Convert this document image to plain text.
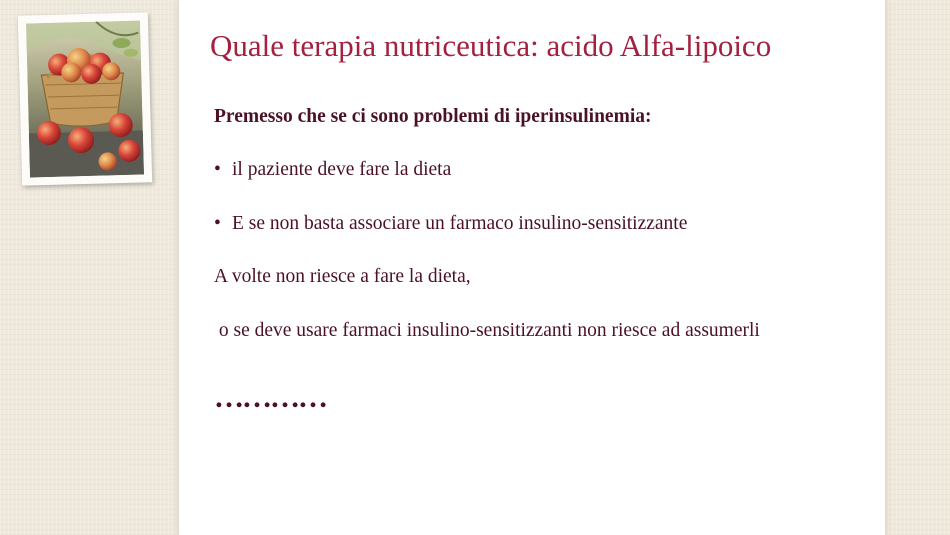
Quale terapia nutriceutica: acido Alfa-lipoico
Premesso che se ci sono problemi di iperinsulinemia:
• il paziente deve fare la dieta
• E se non basta associare un farmaco insulino-sensitizzante
A volte non riesce a fare la dieta,
o se deve usare farmaci insulino-sensitizzanti non riesce ad assumerli
…………
